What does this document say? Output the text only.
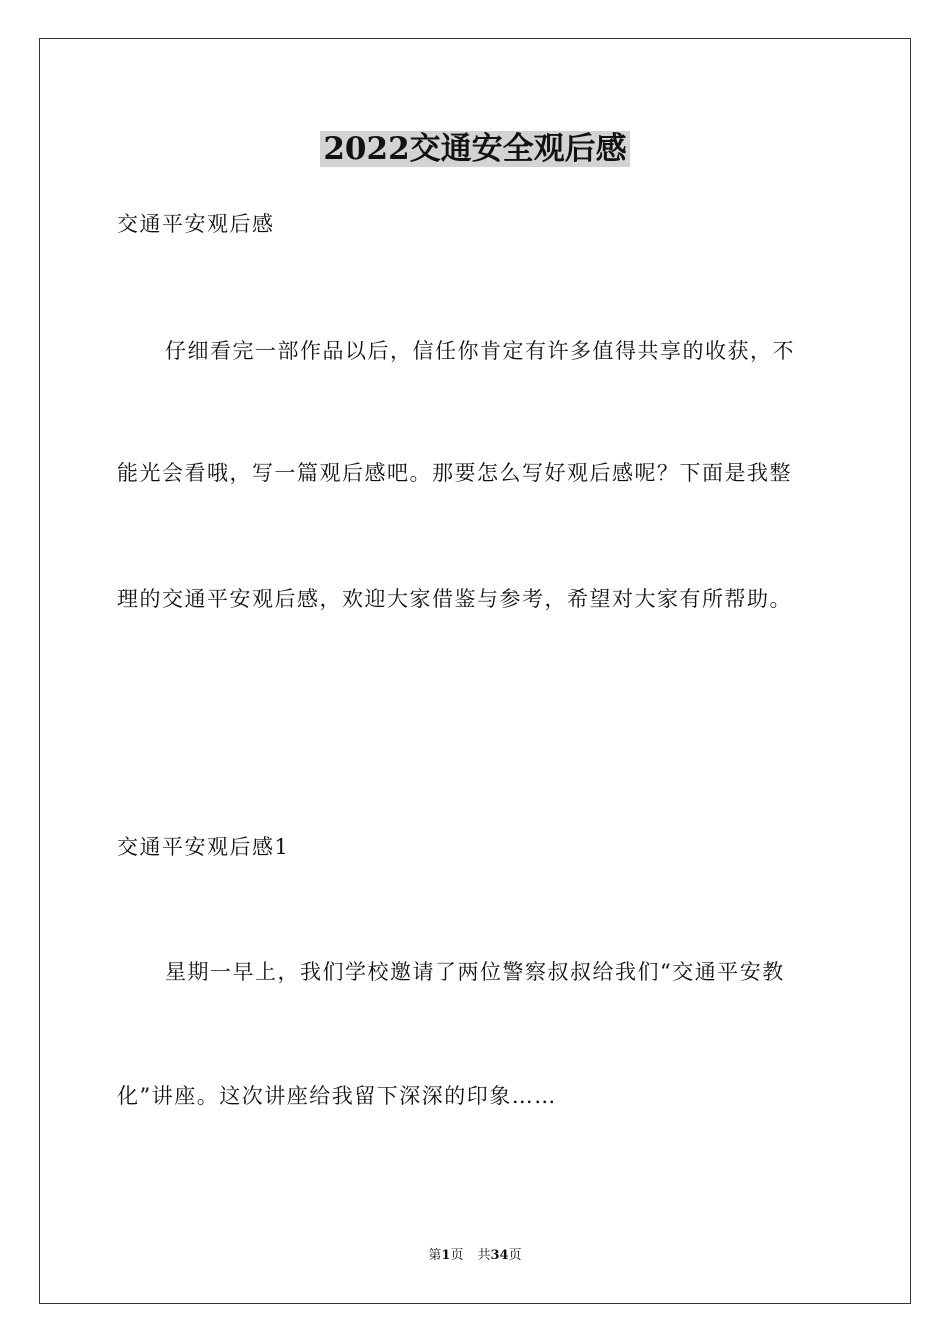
2022交通安全观后感
交通平安观后感
仔细看完一部作品以后，信任你肯定有许多值得共享的收获，不
能光会看哦，写一篇观后感吧。那要怎么写好观后感呢？下面是我整
理的交通平安观后感，欢迎大家借鉴与参考，希望对大家有所帮助。
交通平安观后感1
星期一早上，我们学校邀请了两位警察叔叔给我们“交通平安教
化”讲座。这次讲座给我留下深深的印象……
第1页 共34页
